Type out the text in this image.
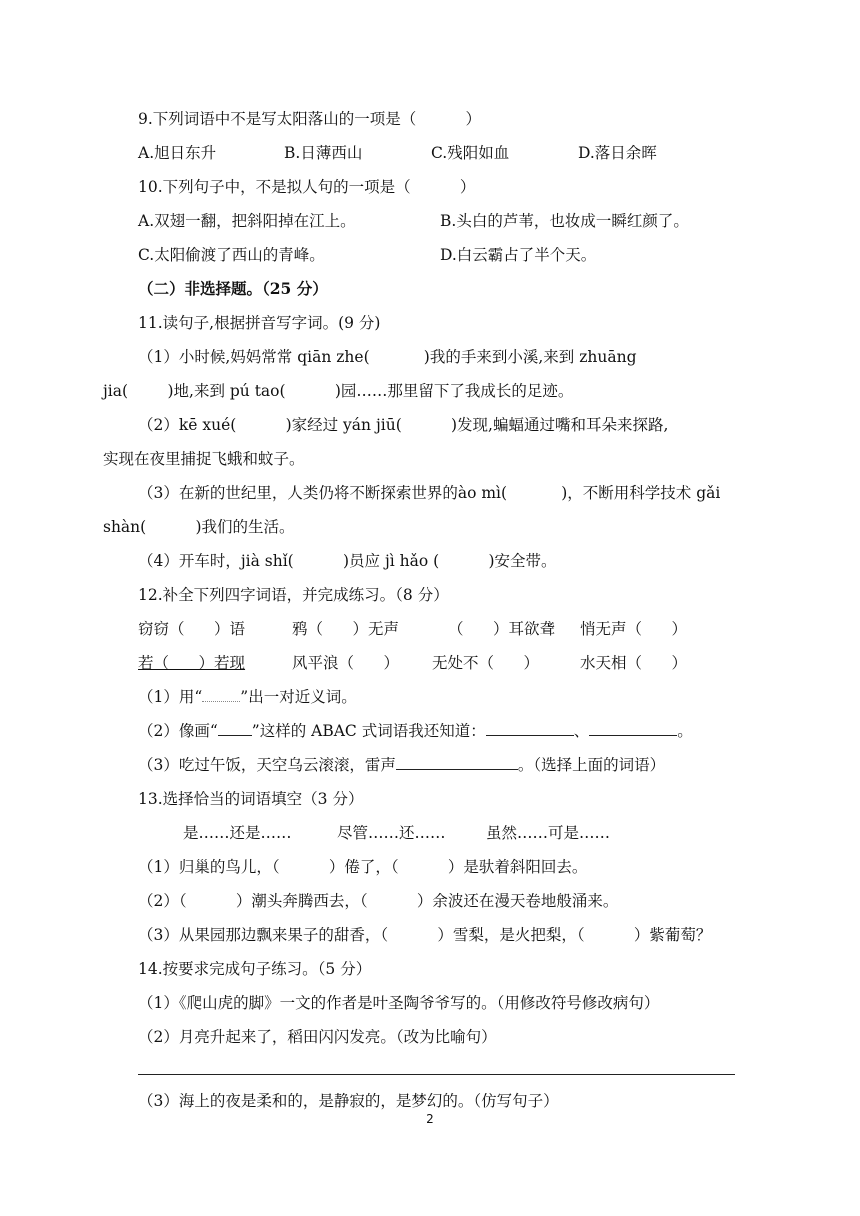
9.下列词语中不是写太阳落山的一项是（          ）
A.旭日东升	B.日薄西山	C.残阳如血	D.落日余晖
10.下列句子中，不是拟人句的一项是（          ）
A.双翅一翻，把斜阳掉在江上。	B.头白的芦苇，也妆成一瞬红颜了。
C.太阳偷渡了西山的青峰。	D.白云霸占了半个天。
（二）非选择题。（25 分）
11.读句子,根据拼音写字词。(9 分)
（1）小时候,妈妈常常 qiān zhe(           )我的手来到小溪,来到 zhuāng
jia(        )地,来到 pú tao(          )园……那里留下了我成长的足迹。
（2）kē xué(          )家经过 yán jiū(          )发现,蝙蝠通过嘴和耳朵来探路,
实现在夜里捕捉飞蛾和蚊子。
（3）在新的世纪里，人类仍将不断探索世界的ào mì(           )，不断用科学技术 gǎi
shàn(          )我们的生活。
（4）开车时，jià shǐ(          )员应 jì hǎo (          )安全带。
12.补全下列四字词语，并完成练习。（8 分）
窃窃（      ）语	鸦（      ）无声	（      ）耳欲聋 悄无声（      ）
若（      ）若现	风平浪（      ） 无处不（      ）	水天相（      ）
（1）用“ ”出一对近义词。
（2）像画“ ”这样的 ABAC 式词语我还知道：	、	。
（3）吃过午饭，天空乌云滚滚，雷声	。（选择上面的词语）
13.选择恰当的词语填空（3 分）
是……还是……	尽管……还……	虽然……可是……
（1）归巢的鸟儿，（          ）倦了，（          ）是驮着斜阳回去。
（2）（          ）潮头奔腾西去，（          ）余波还在漫天卷地般涌来。
（3）从果园那边飘来果子的甜香，（          ）雪梨，是火把梨，（          ）紫葡萄？
14.按要求完成句子练习。（5 分）
（1）《爬山虎的脚》一文的作者是叶圣陶爷爷写的。（用修改符号修改病句）
（2）月亮升起来了，稻田闪闪发亮。（改为比喻句）
（3）海上的夜是柔和的，是静寂的，是梦幻的。（仿写句子）
2
